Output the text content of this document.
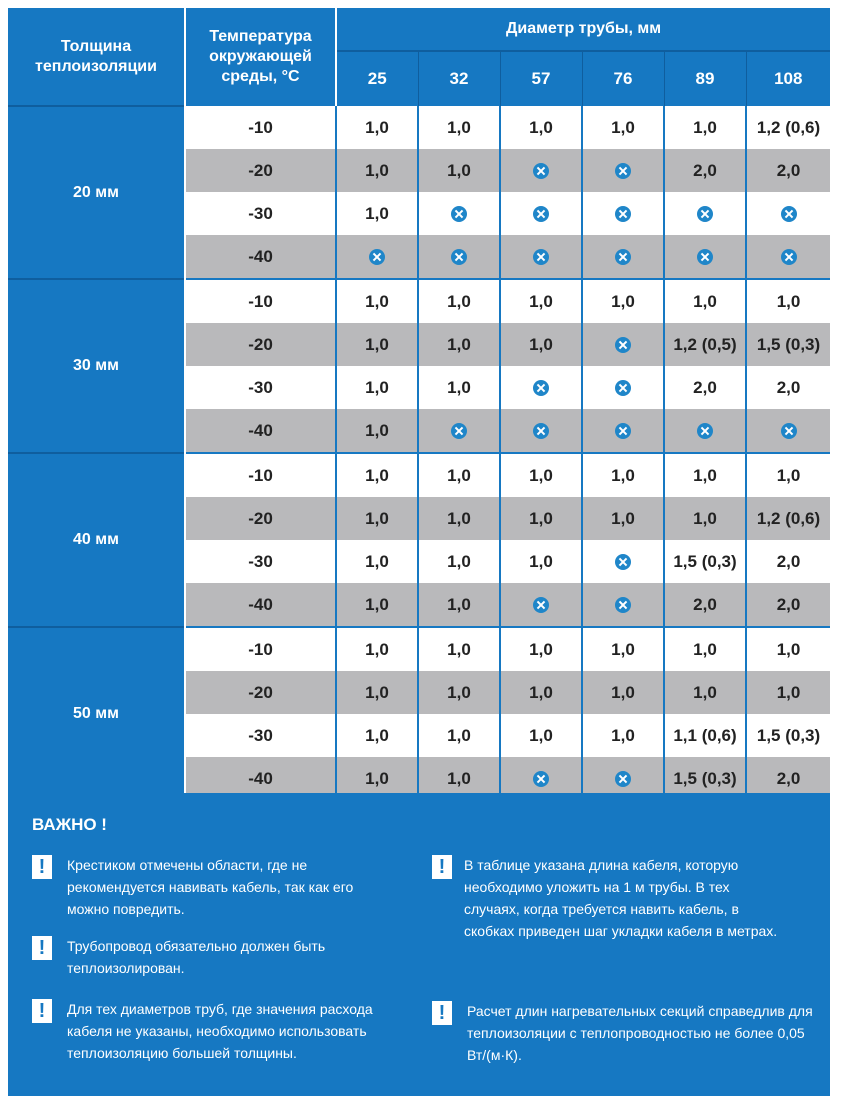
Толщина теплоизоляции	Температура окружающей среды, °С	Диаметр трубы, мм					
		25	32	57	76	89	108
20 мм	-10	1,0	1,0	1,0	1,0	1,0	1,2 (0,6)
	-20	1,0	1,0			2,0	2,0
	-30	1,0					
	-40						
30 мм	-10	1,0	1,0	1,0	1,0	1,0	1,0
	-20	1,0	1,0	1,0		1,2 (0,5)	1,5 (0,3)
	-30	1,0	1,0			2,0	2,0
	-40	1,0					
40 мм	-10	1,0	1,0	1,0	1,0	1,0	1,0
	-20	1,0	1,0	1,0	1,0	1,0	1,2 (0,6)
	-30	1,0	1,0	1,0		1,5 (0,3)	2,0
	-40	1,0	1,0			2,0	2,0
50 мм	-10	1,0	1,0	1,0	1,0	1,0	1,0
	-20	1,0	1,0	1,0	1,0	1,0	1,0
	-30	1,0	1,0	1,0	1,0	1,1 (0,6)	1,5 (0,3)
	-40	1,0	1,0			1,5 (0,3)	2,0
ВАЖНО !
!	Крестиком отмечены области, где не рекомендуется навивать кабель, так как его можно повредить.
!	Трубопровод обязательно должен быть теплоизолирован.
!	Для тех диаметров труб, где значения расхода кабеля не указаны, необходимо использовать теплоизоляцию большей толщины.
!	В таблице указана длина кабеля, которую необходимо уложить на 1 м трубы. В тех случаях, когда требуется навить кабель, в скобках приведен шаг укладки кабеля в метрах.
!	Расчет длин нагревательных секций справедлив для теплоизоляции с теплопроводностью не более 0,05 Вт/(м·К).
